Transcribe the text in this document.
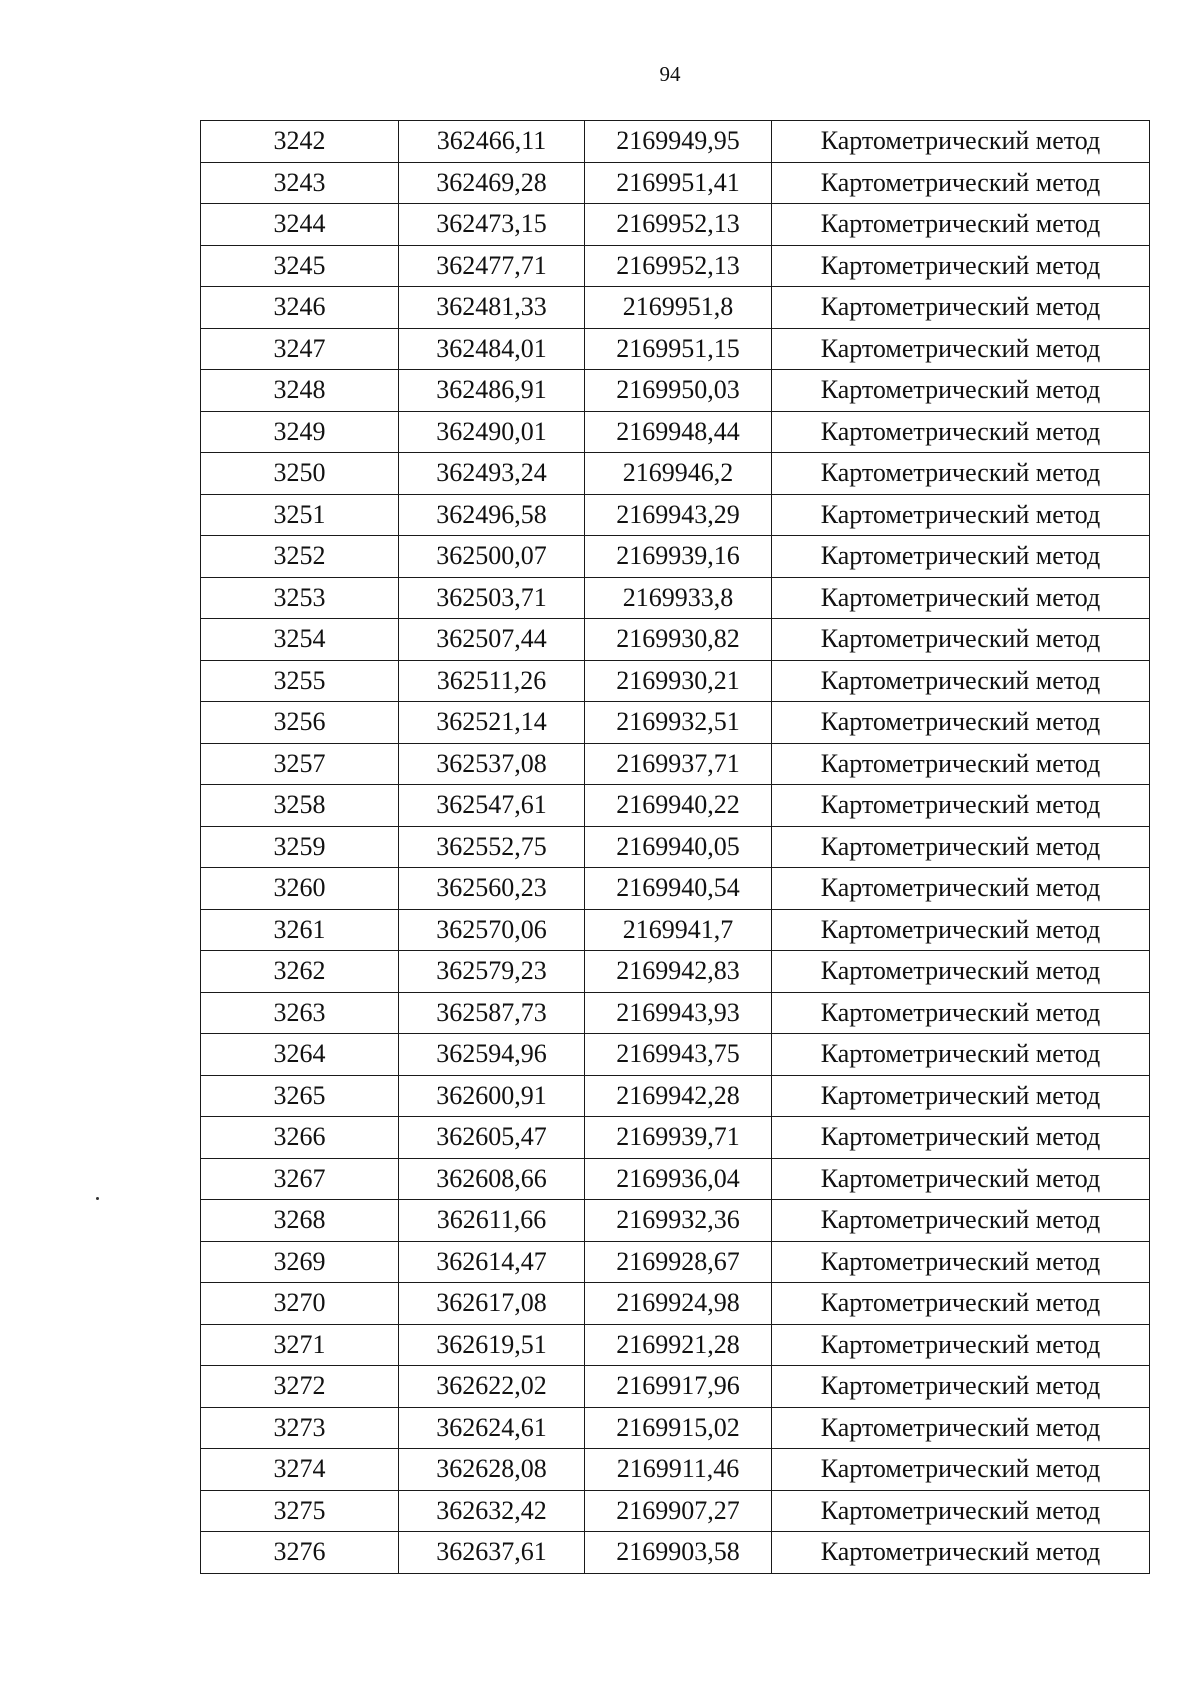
94
3242	362466,11	2169949,95	Картометрический метод
3243	362469,28	2169951,41	Картометрический метод
3244	362473,15	2169952,13	Картометрический метод
3245	362477,71	2169952,13	Картометрический метод
3246	362481,33	2169951,8	Картометрический метод
3247	362484,01	2169951,15	Картометрический метод
3248	362486,91	2169950,03	Картометрический метод
3249	362490,01	2169948,44	Картометрический метод
3250	362493,24	2169946,2	Картометрический метод
3251	362496,58	2169943,29	Картометрический метод
3252	362500,07	2169939,16	Картометрический метод
3253	362503,71	2169933,8	Картометрический метод
3254	362507,44	2169930,82	Картометрический метод
3255	362511,26	2169930,21	Картометрический метод
3256	362521,14	2169932,51	Картометрический метод
3257	362537,08	2169937,71	Картометрический метод
3258	362547,61	2169940,22	Картометрический метод
3259	362552,75	2169940,05	Картометрический метод
3260	362560,23	2169940,54	Картометрический метод
3261	362570,06	2169941,7	Картометрический метод
3262	362579,23	2169942,83	Картометрический метод
3263	362587,73	2169943,93	Картометрический метод
3264	362594,96	2169943,75	Картометрический метод
3265	362600,91	2169942,28	Картометрический метод
3266	362605,47	2169939,71	Картометрический метод
3267	362608,66	2169936,04	Картометрический метод
3268	362611,66	2169932,36	Картометрический метод
3269	362614,47	2169928,67	Картометрический метод
3270	362617,08	2169924,98	Картометрический метод
3271	362619,51	2169921,28	Картометрический метод
3272	362622,02	2169917,96	Картометрический метод
3273	362624,61	2169915,02	Картометрический метод
3274	362628,08	2169911,46	Картометрический метод
3275	362632,42	2169907,27	Картометрический метод
3276	362637,61	2169903,58	Картометрический метод
